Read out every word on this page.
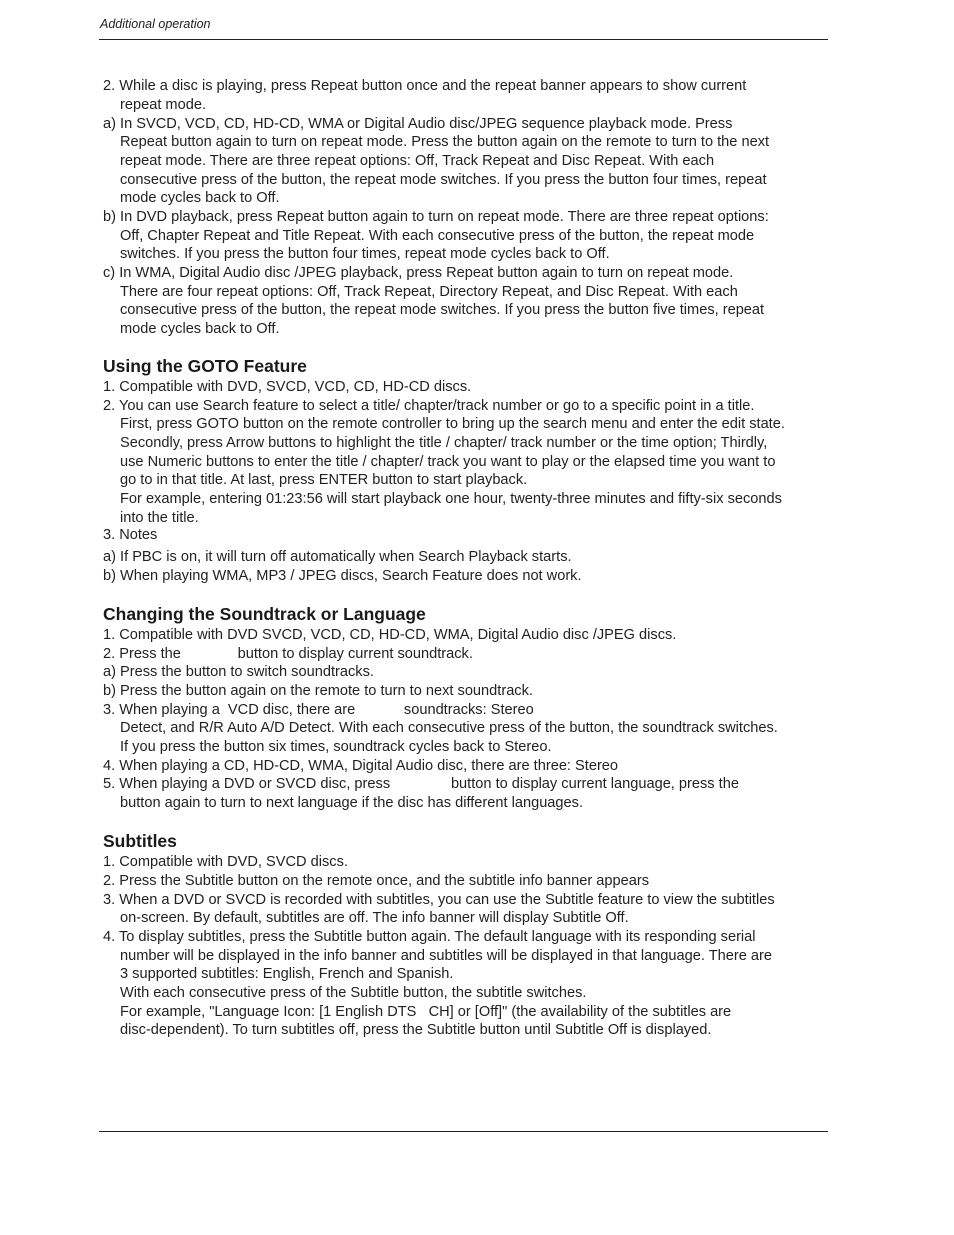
Additional operation
2. While a disc is playing, press Repeat button once and the repeat banner appears to show current
repeat mode.
a) In SVCD, VCD, CD, HD-CD, WMA or Digital Audio disc/JPEG sequence playback mode. Press
Repeat button again to turn on repeat mode. Press the button again on the remote to turn to the next
repeat mode. There are three repeat options: Off, Track Repeat and Disc Repeat. With each
consecutive press of the button, the repeat mode switches. If you press the button four times, repeat
mode cycles back to Off.
b) In DVD playback, press Repeat button again to turn on repeat mode. There are three repeat options:
Off, Chapter Repeat and Title Repeat. With each consecutive press of the button, the repeat mode
switches. If you press the button four times, repeat mode cycles back to Off.
c) In WMA, Digital Audio disc /JPEG playback, press Repeat button again to turn on repeat mode.
There are four repeat options: Off, Track Repeat, Directory Repeat, and Disc Repeat. With each
consecutive press of the button, the repeat mode switches. If you press the button five times, repeat
mode cycles back to Off.
Using the GOTO Feature
1. Compatible with DVD, SVCD, VCD, CD, HD-CD discs.
2. You can use Search feature to select a title/ chapter/track number or go to a specific point in a title.
First, press GOTO button on the remote controller to bring up the search menu and enter the edit state.
Secondly, press Arrow buttons to highlight the title / chapter/ track number or the time option; Thirdly,
use Numeric buttons to enter the title / chapter/ track you want to play or the elapsed time you want to
go to in that title. At last, press ENTER button to start playback.
For example, entering 01:23:56 will start playback one hour, twenty-three minutes and fifty-six seconds
into the title.
3. Notes
a) If PBC is on, it will turn off automatically when Search Playback starts.
b) When playing WMA, MP3 / JPEG discs, Search Feature does not work.
Changing the Soundtrack or Language
1. Compatible with DVD SVCD, VCD, CD, HD-CD, WMA, Digital Audio disc /JPEG discs.
2. Press the              button to display current soundtrack.
a) Press the button to switch soundtracks.
b) Press the button again on the remote to turn to next soundtrack.
3. When playing a  VCD disc, there are            soundtracks: Stereo
Detect, and R/R Auto A/D Detect. With each consecutive press of the button, the soundtrack switches.
If you press the button six times, soundtrack cycles back to Stereo.
4. When playing a CD, HD-CD, WMA, Digital Audio disc, there are three: Stereo
5. When playing a DVD or SVCD disc, press               button to display current language, press the
button again to turn to next language if the disc has different languages.
Subtitles
1. Compatible with DVD, SVCD discs.
2. Press the Subtitle button on the remote once, and the subtitle info banner appears
3. When a DVD or SVCD is recorded with subtitles, you can use the Subtitle feature to view the subtitles
on-screen. By default, subtitles are off. The info banner will display Subtitle Off.
4. To display subtitles, press the Subtitle button again. The default language with its responding serial
number will be displayed in the info banner and subtitles will be displayed in that language. There are
3 supported subtitles: English, French and Spanish.
With each consecutive press of the Subtitle button, the subtitle switches.
For example, "Language Icon: [1 English DTS   CH] or [Off]" (the availability of the subtitles are
disc-dependent). To turn subtitles off, press the Subtitle button until Subtitle Off is displayed.
